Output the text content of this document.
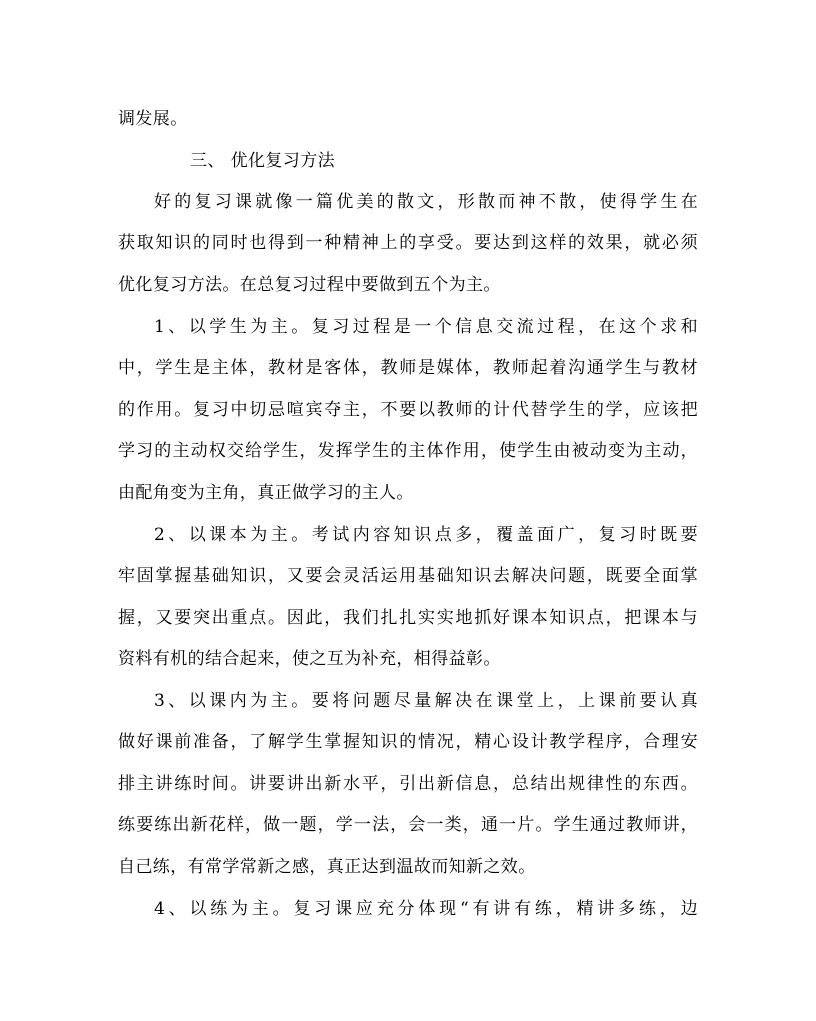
调发展。
三、 优化复习方法
好的复习课就像一篇优美的散文，形散而神不散，使得学生在
获取知识的同时也得到一种精神上的享受。要达到这样的效果，就必须
优化复习方法。在总复习过程中要做到五个为主。
1、以学生为主。复习过程是一个信息交流过程，在这个求和
中，学生是主体，教材是客体，教师是媒体，教师起着沟通学生与教材
的作用。复习中切忌喧宾夺主，不要以教师的计代替学生的学，应该把
学习的主动权交给学生，发挥学生的主体作用，使学生由被动变为主动，
由配角变为主角，真正做学习的主人。
2、以课本为主。考试内容知识点多，覆盖面广，复习时既要
牢固掌握基础知识，又要会灵活运用基础知识去解决问题，既要全面掌
握，又要突出重点。因此，我们扎扎实实地抓好课本知识点，把课本与
资料有机的结合起来，使之互为补充，相得益彰。
3、以课内为主。要将问题尽量解决在课堂上，上课前要认真
做好课前准备，了解学生掌握知识的情况，精心设计教学程序，合理安
排主讲练时间。讲要讲出新水平，引出新信息，总结出规律性的东西。
练要练出新花样，做一题，学一法，会一类，通一片。学生通过教师讲，
自己练，有常学常新之感，真正达到温故而知新之效。
4、以练为主。复习课应充分体现“有讲有练，精讲多练，边
